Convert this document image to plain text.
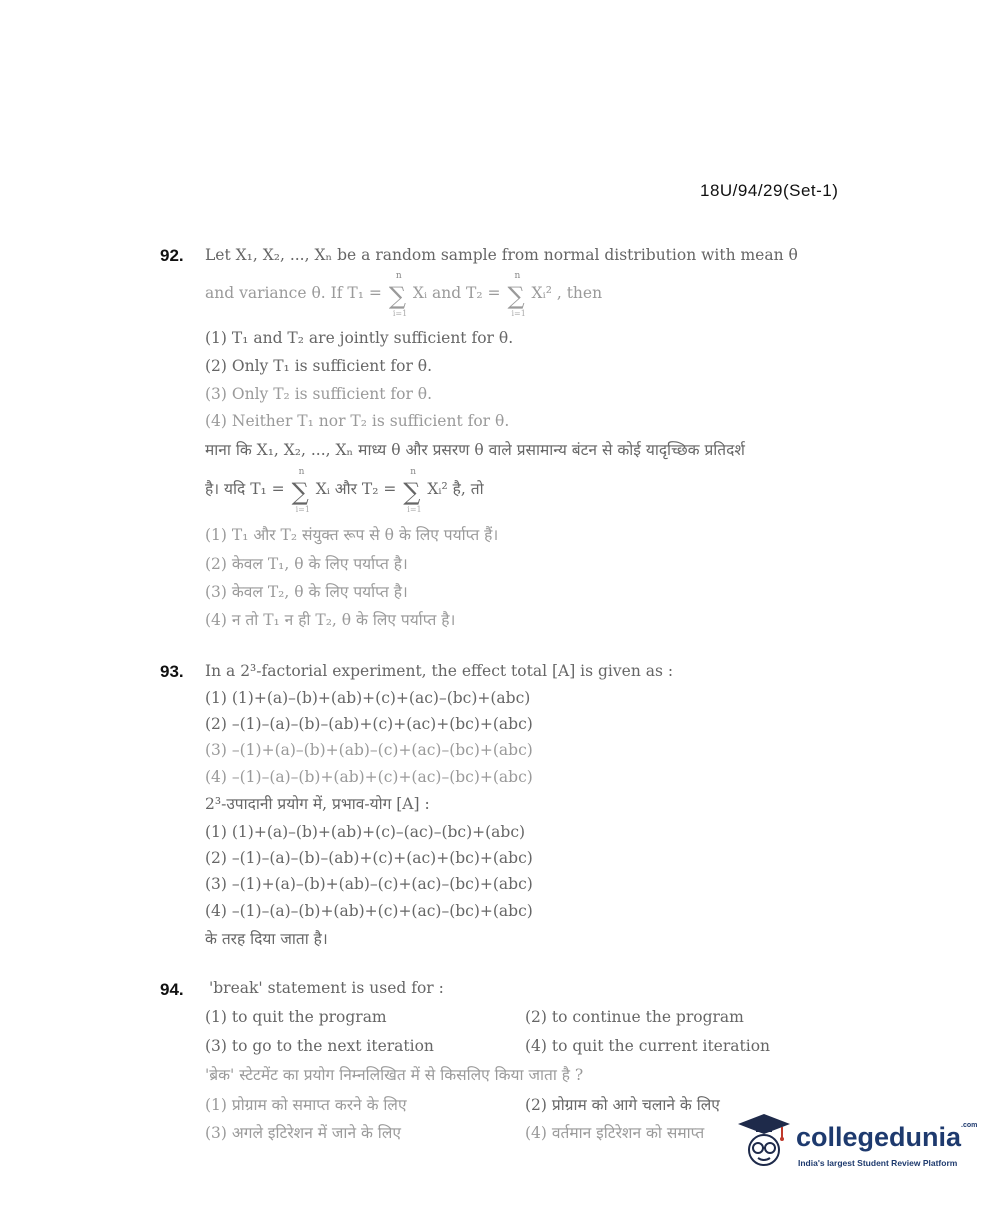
18U/94/29(Set-1)
92. Let X₁, X₂, ..., Xₙ be a random sample from normal distribution with mean θ
and variance θ. If T₁ = ∑
n
i=1
Xᵢ and T₂ = ∑
n
i=1
Xᵢ² , then
(1) T₁ and T₂ are jointly sufficient for θ.
(2) Only T₁ is sufficient for θ.
(3) Only T₂ is sufficient for θ.
(4) Neither T₁ nor T₂ is sufficient for θ.
माना कि X₁, X₂, ..., Xₙ माध्य θ और प्रसरण θ वाले प्रसामान्य बंटन से कोई यादृच्छिक प्रतिदर्श
है। यदि T₁ = ∑
n
i=1
Xᵢ और T₂ = ∑
n
i=1
Xᵢ² है, तो
(1) T₁ और T₂ संयुक्त रूप से θ के लिए पर्याप्त हैं।
(2) केवल T₁, θ के लिए पर्याप्त है।
(3) केवल T₂, θ के लिए पर्याप्त है।
(4) न तो T₁ न ही T₂, θ के लिए पर्याप्त है।
93. In a 2³-factorial experiment, the effect total [A] is given as :
(1) (1)+(a)–(b)+(ab)+(c)+(ac)–(bc)+(abc)
(2) –(1)–(a)–(b)–(ab)+(c)+(ac)+(bc)+(abc)
(3) –(1)+(a)–(b)+(ab)–(c)+(ac)–(bc)+(abc)
(4) –(1)–(a)–(b)+(ab)+(c)+(ac)–(bc)+(abc)
2³-उपादानी प्रयोग में, प्रभाव-योग [A] :
(1) (1)+(a)–(b)+(ab)+(c)–(ac)–(bc)+(abc)
(2) –(1)–(a)–(b)–(ab)+(c)+(ac)+(bc)+(abc)
(3) –(1)+(a)–(b)+(ab)–(c)+(ac)–(bc)+(abc)
(4) –(1)–(a)–(b)+(ab)+(c)+(ac)–(bc)+(abc)
के तरह दिया जाता है।
94. 'break' statement is used for :
(1) to quit the program	(2) to continue the program
(3) to go to the next iteration	(4) to quit the current iteration
'ब्रेक' स्टेटमेंट का प्रयोग निम्नलिखित में से किसलिए किया जाता है ?
(1) प्रोग्राम को समाप्त करने के लिए	(2) प्रोग्राम को आगे चलाने के लिए
(3) अगले इटिरेशन में जाने के लिए	(4) वर्तमान इटिरेशन को समाप्त	collegedunia$^{.com}$
India's largest Student Review Platform
